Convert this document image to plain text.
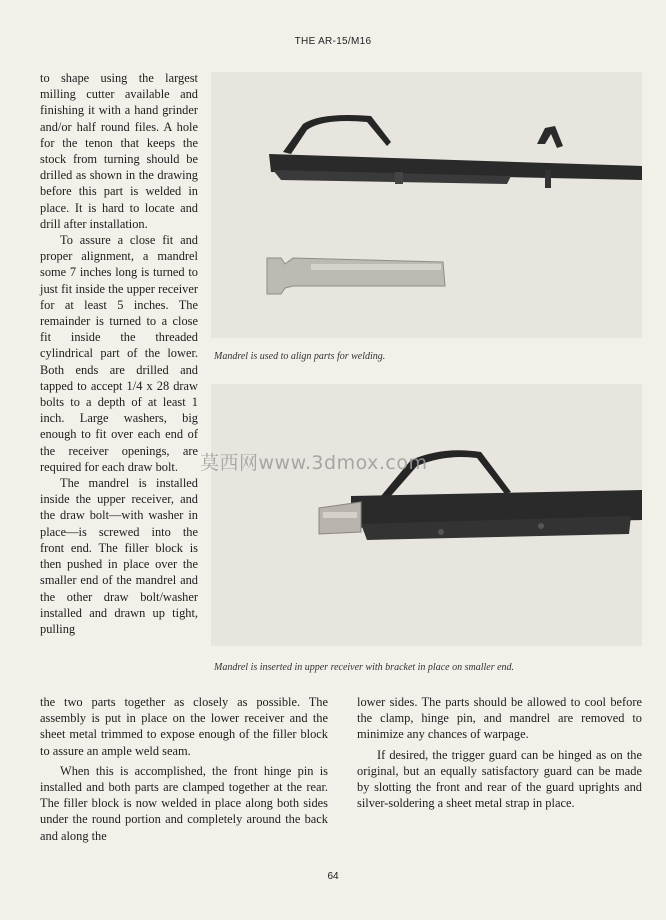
THE AR-15/M16

to shape using the largest milling cutter available and finishing it with a hand grinder and/or half round files. A hole for the tenon that keeps the stock from turning should be drilled as shown in the drawing before this part is welded in place. It is hard to locate and drill after installation.

To assure a close fit and proper alignment, a mandrel some 7 inches long is turned to just fit inside the upper receiver for at least 5 inches. The remainder is turned to a close fit inside the threaded cylindrical part of the lower. Both ends are drilled and tapped to accept 1/4 x 28 draw bolts to a depth of at least 1 inch. Large washers, big enough to fit over each end of the receiver openings, are required for each draw bolt.

The mandrel is installed inside the upper receiver, and the draw bolt—with washer in place—is screwed into the front end. The filler block is then pushed in place over the smaller end of the mandrel and the other draw bolt/washer installed and drawn up tight, pulling

Mandrel is used to align parts for welding.
Mandrel is inserted in upper receiver with bracket in place on smaller end.
莫西网www.3dmox.com

the two parts together as closely as possible. The assembly is put in place on the lower receiver and the sheet metal trimmed to expose enough of the filler block to assure an ample weld seam.

When this is accomplished, the front hinge pin is installed and both parts are clamped together at the rear. The filler block is now welded in place along both sides under the round portion and completely around the back and along the

lower sides. The parts should be allowed to cool before the clamp, hinge pin, and mandrel are removed to minimize any chances of warpage.

If desired, the trigger guard can be hinged as on the original, but an equally satisfactory guard can be made by slotting the front and rear of the guard uprights and silver-soldering a sheet metal strap in place.

64
